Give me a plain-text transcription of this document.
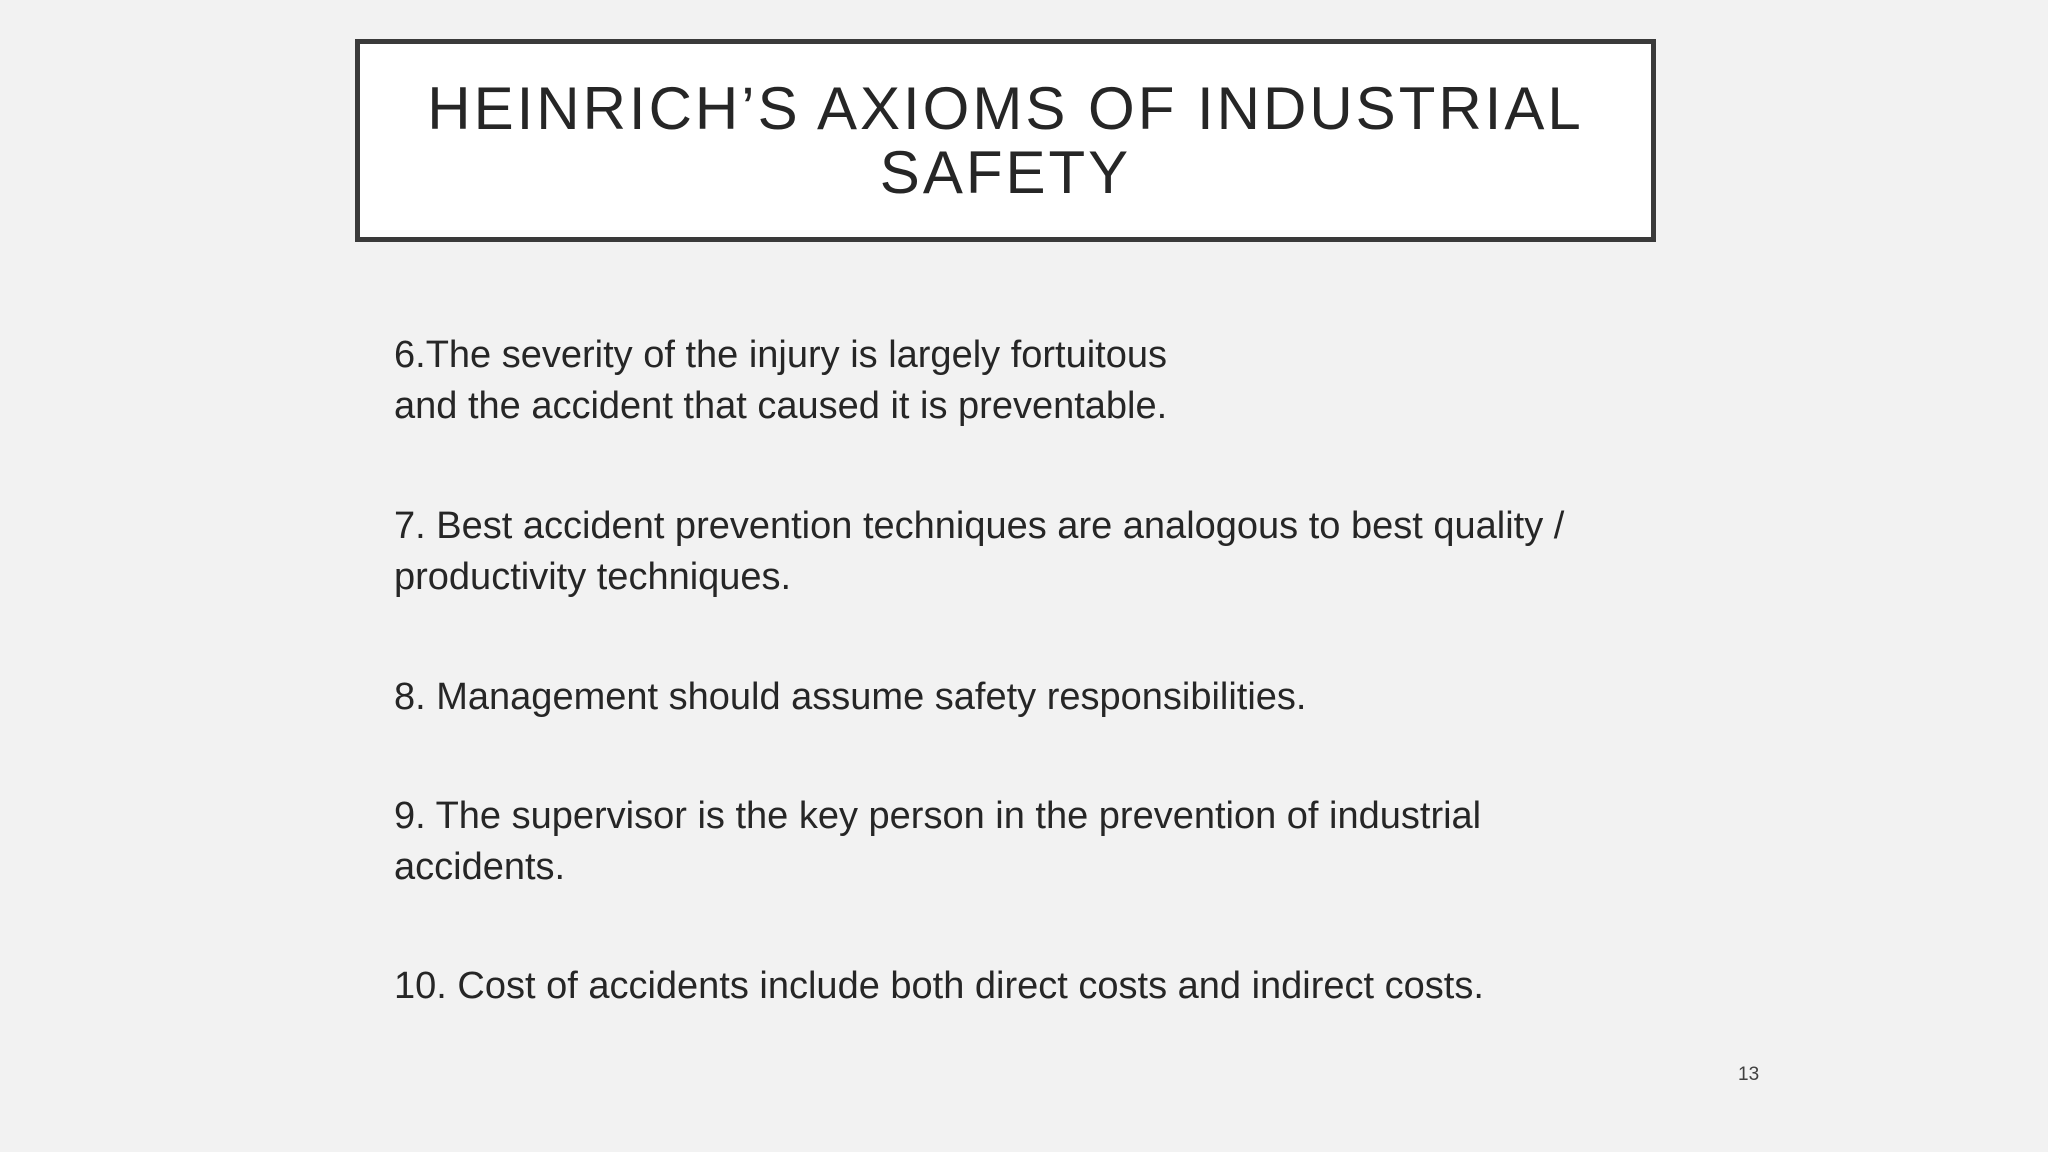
HEINRICH’S AXIOMS OF INDUSTRIAL
SAFETY
6.The severity of the injury is largely fortuitous
and the accident that caused it is preventable.
7. Best accident prevention techniques are analogous to best quality /
productivity techniques.
8. Management should assume safety responsibilities.
9. The supervisor is the key person in the prevention of industrial
accidents.
10. Cost of accidents include both direct costs and indirect costs.
13
